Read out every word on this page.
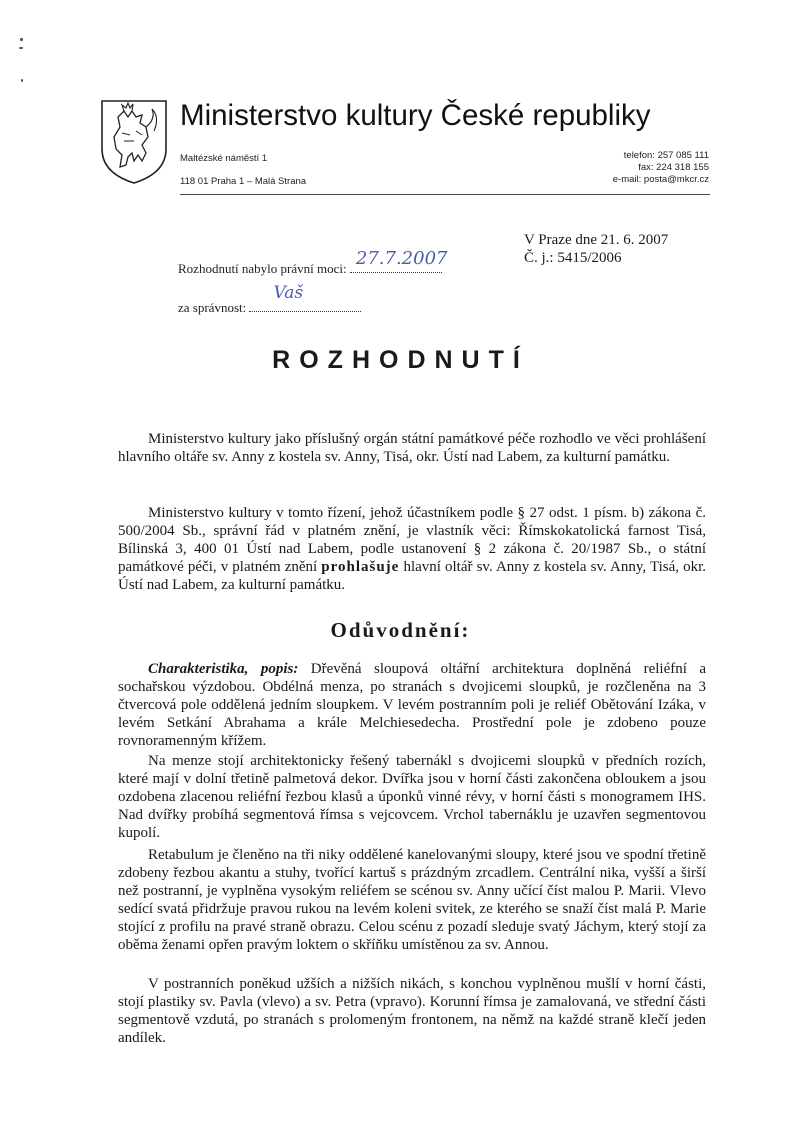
Ministerstvo kultury České republiky
Maltézské náměstí 1
118 01 Praha 1 – Malá Strana
telefon: 257 085 111
fax: 224 318 155
e-mail: posta@mkcr.cz
V Praze dne 21. 6. 2007
Č. j.: 5415/2006
Rozhodnutí nabylo právní moci: 27.7.2007
za správnost:
Vaš
ROZHODNUTÍ

Ministerstvo kultury jako příslušný orgán státní památkové péče rozhodlo ve věci prohlášení hlavního oltáře sv. Anny z kostela sv. Anny, Tisá, okr. Ústí nad Labem, za kulturní památku.

Ministerstvo kultury v tomto řízení, jehož účastníkem podle § 27 odst. 1 písm. b) zákona č. 500/2004 Sb., správní řád v platném znění, je vlastník věci: Římskokatolická farnost Tisá, Bílinská 3, 400 01 Ústí nad Labem, podle ustanovení § 2 zákona č. 20/1987 Sb., o státní památkové péči, v platném znění prohlašuje hlavní oltář sv. Anny z kostela sv. Anny, Tisá, okr. Ústí nad Labem, za kulturní památku.

Odůvodnění:

Charakteristika, popis: Dřevěná sloupová oltářní architektura doplněná reliéfní a sochařskou výzdobou. Obdélná menza, po stranách s dvojicemi sloupků, je rozčleněna na 3 čtvercová pole oddělená jedním sloupkem. V levém postranním poli je reliéf Obětování Izáka, v levém Setkání Abrahama a krále Melchiesedecha. Prostřední pole je zdobeno pouze rovnoramenným křížem.

Na menze stojí architektonicky řešený tabernákl s dvojicemi sloupků v předních rozích, které mají v dolní třetině palmetová dekor. Dvířka jsou v horní části zakončena obloukem a jsou ozdobena zlacenou reliéfní řezbou klasů a úponků vinné révy, v horní části s monogramem IHS. Nad dvířky probíhá segmentová římsa s vejcovcem. Vrchol tabernáklu je uzavřen segmentovou kupolí.

Retabulum je členěno na tři niky oddělené kanelovanými sloupy, které jsou ve spodní třetině zdobeny řezbou akantu a stuhy, tvořící kartuš s prázdným zrcadlem. Centrální nika, vyšší a širší než postranní, je vyplněna vysokým reliéfem se scénou sv. Anny učící číst malou P. Marii. Vlevo sedící svatá přidržuje pravou rukou na levém koleni svitek, ze kterého se snaží číst malá P. Marie stojící z profilu na pravé straně obrazu. Celou scénu z pozadí sleduje svatý Jáchym, který stojí za oběma ženami opřen pravým loktem o skříňku umístěnou za sv. Annou.

V postranních poněkud užších a nižších nikách, s konchou vyplněnou mušlí v horní části, stojí plastiky sv. Pavla (vlevo) a sv. Petra (vpravo). Korunní římsa je zamalovaná, ve střední části segmentově vzdutá, po stranách s prolomeným frontonem, na němž na každé straně klečí jeden andílek.
